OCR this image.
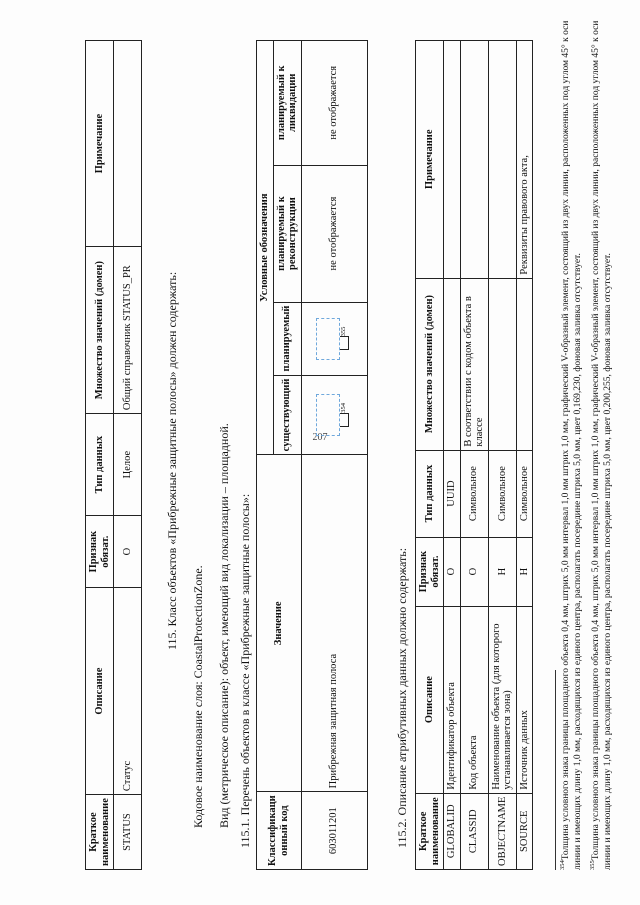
207
Краткое наименование	Описание	Признак обязат.	Тип данных	Множество значений (домен)	Примечание
STATUS	Статус	О	Целое	Общий справочник STATUS_PR		115. Класс объектов «Прибрежные защитные полосы» должен содержать:
Кодовое наименование слоя: CoastalProtectionZone. Вид (метрическое описание): объект, имеющий вид локализации – площадной. 115.1. Перечень объектов в классе «Прибрежные защитные полосы»: Классификаци онный код	Значение	Условные обозначения			
		существующий	планируемый	планируемый к реконструкции	планируемый к ликвидации
603011201	Прибрежная защитная полоса	$^{354}$	$^{355}$	не отображается	не отображается
115.2. Описание атрибутивных данных должно содержать: Краткое наименование	Описание	Признак обязат.	Тип данных	Множество значений (домен)	Примечание
GLOBALID	Идентификатор объекта	О	UUID		
CLASSID	Код объекта	О	Символьное	В соответствии с кодом объекта в классе	
OBJECTNAME	Наименование объекта (для которого устанавливается зона)	Н	Символьное		
SOURCE	Источник данных	Н	Символьное		Реквизиты правового акта,
$^{354}$Толщина условного знака границы площадного объекта 0,4 мм, штрих 5,0 мм интервал 1,0 мм штрих 1,0 мм, графический V-образный элемент, состоящий из двух линии, расположенных под углом 45° к оси линии и имеющих длину 1,0 мм, расходящихся из единого центра, располагать посередине штриха 5,0 мм, цвет 0,169,230, фоновая заливка отсутствует. $^{355}$Толщина условного знака границы площадного объекта 0,4 мм, штрих 5,0 мм интервал 1,0 мм штрих 1,0 мм, графический V-образный элемент, состоящий из двух линии, расположенных под углом 45° к оси линии и имеющих длину 1,0 мм, расходящихся из единого центра, располагать посередине штриха 5,0 мм, цвет 0,200,255, фоновая заливка отсутствует.
